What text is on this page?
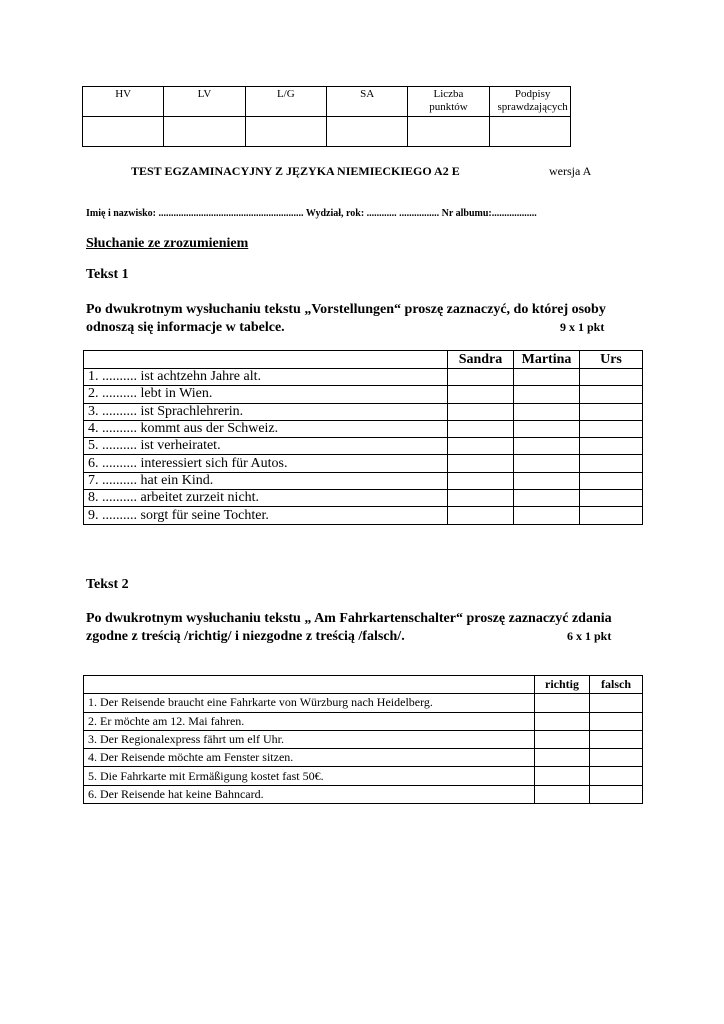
HV	LV	L/G	SA	Liczba punktów	Podpisy sprawdzających

TEST EGZAMINACYJNY Z JĘZYKA NIEMIECKIEGO A2 E	wersja A
Imię i nazwisko: .......................................................... Wydział, rok: ............ ................ Nr albumu:..................
Słuchanie ze zrozumieniem
Tekst 1
Po dwukrotnym wysłuchaniu tekstu „Vorstellungen“ proszę zaznaczyć, do której osoby
odnoszą się informacje w tabelce.	9 x 1 pkt
	Sandra	Martina	Urs
1. .......... ist achtzehn Jahre alt.			
2. .......... lebt in Wien.			
3. .......... ist Sprachlehrerin.			
4. .......... kommt aus der Schweiz.			
5. .......... ist verheiratet.			
6. .......... interessiert sich für Autos.			
7. .......... hat ein Kind.			
8. .......... arbeitet zurzeit nicht.			
9. .......... sorgt für seine Tochter.			
Tekst 2
Po dwukrotnym wysłuchaniu tekstu „ Am Fahrkartenschalter“ proszę zaznaczyć zdania
zgodne z treścią /richtig/ i niezgodne z treścią /falsch/.	6 x 1 pkt
	richtig	falsch
1. Der Reisende braucht eine Fahrkarte von Würzburg nach Heidelberg.		
2. Er möchte am 12. Mai fahren.		
3. Der Regionalexpress fährt um elf Uhr.		
4. Der Reisende möchte am Fenster sitzen.		
5. Die Fahrkarte mit Ermäßigung kostet fast 50€.		
6. Der Reisende hat keine Bahncard.		
